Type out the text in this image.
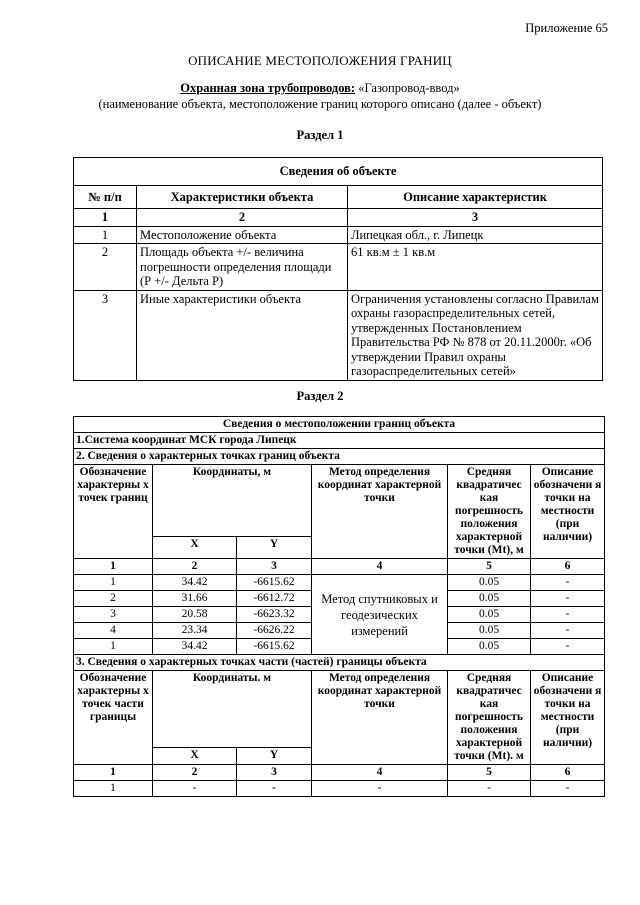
Приложение 65
ОПИСАНИЕ МЕСТОПОЛОЖЕНИЯ ГРАНИЦ
Охранная зона трубопроводов: «Газопровод-ввод»
(наименование объекта, местоположение границ которого описано (далее - объект)
Раздел 1
Сведения об объекте		
№ п/п	Характеристики объекта	Описание характеристик
1	2	3
1	Местоположение объекта	Липецкая обл., г. Липецк
2	Площадь объекта +/- величина погрешности определения площади (Р +/- Дельта Р)	61 кв.м ± 1 кв.м
3	Иные характеристики объекта	Ограничения установлены согласно Правилам охраны газораспределительных сетей, утвержденных Постановлением Правительства РФ № 878 от 20.11.2000г. «Об утверждении Правил охраны газораспределительных сетей»
Раздел 2
Сведения о местоположении границ объекта					
1.Система координат МСК города Липецк					
2. Сведения о характерных точках границ объекта					
Обозначение характерны х точек границ	Координаты, м		Метод определения координат характерной точки	Средняя квадратичес кая погрешность положения характерной точки (Mt), м	Описание обозначени я точки на местности (при наличии)
	X	Y			
1	2	3	4	5	6
1	34.42	-6615.62	Метод спутниковых и геодезических измерений	0.05	-
2	31.66	-6612.72		0.05	-
3	20.58	-6623.32		0.05	-
4	23.34	-6626.22		0.05	-
1	34.42	-6615.62		0.05	-
3. Сведения о характерных точках части (частей) границы объекта					
Обозначение характерны х точек части границы	Координаты. м		Метод определения координат характерной точки	Средняя квадратичес кая погрешность положения характерной точки (Mt). м	Описание обозначени я точки на местности (при наличии)
	X	Y			
1	2	3	4	5	6
1	-	-	-	-	-
